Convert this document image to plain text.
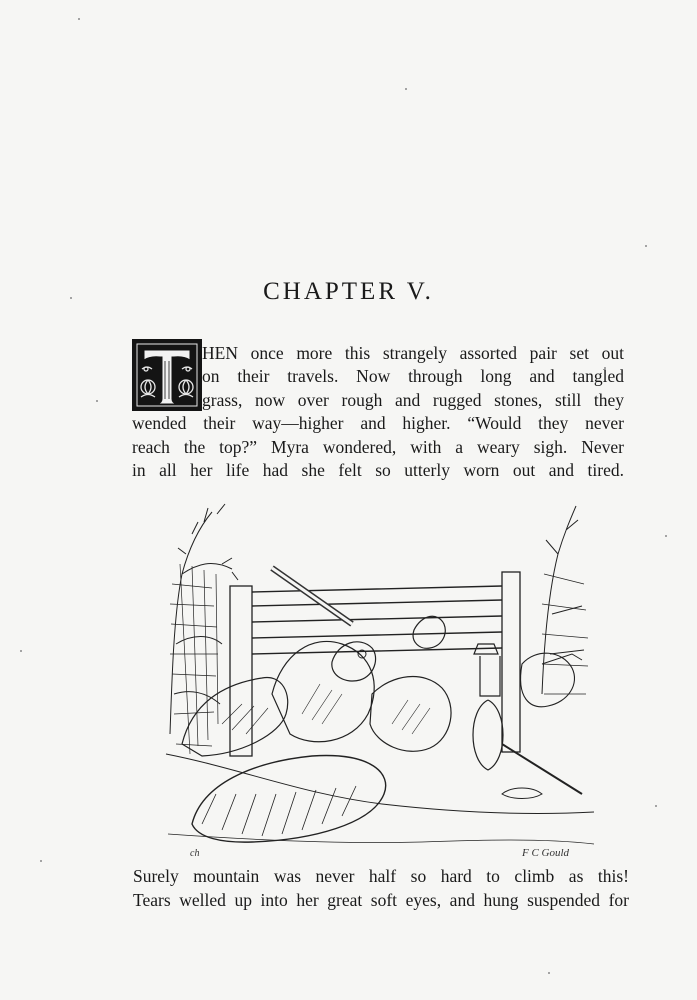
CHAPTER V.
HEN once more this strangely assorted pair set out
on their travels. Now through long and tangled
grass, now over rough and rugged stones, still they
wended their way—higher and higher. “Would they never
reach the top?” Myra wondered, with a weary sigh. Never
in all her life had she felt so utterly worn out and tired.
ch	F C Gould
Surely mountain was never half so hard to climb as this!
Tears welled up into her great soft eyes, and hung suspended for
